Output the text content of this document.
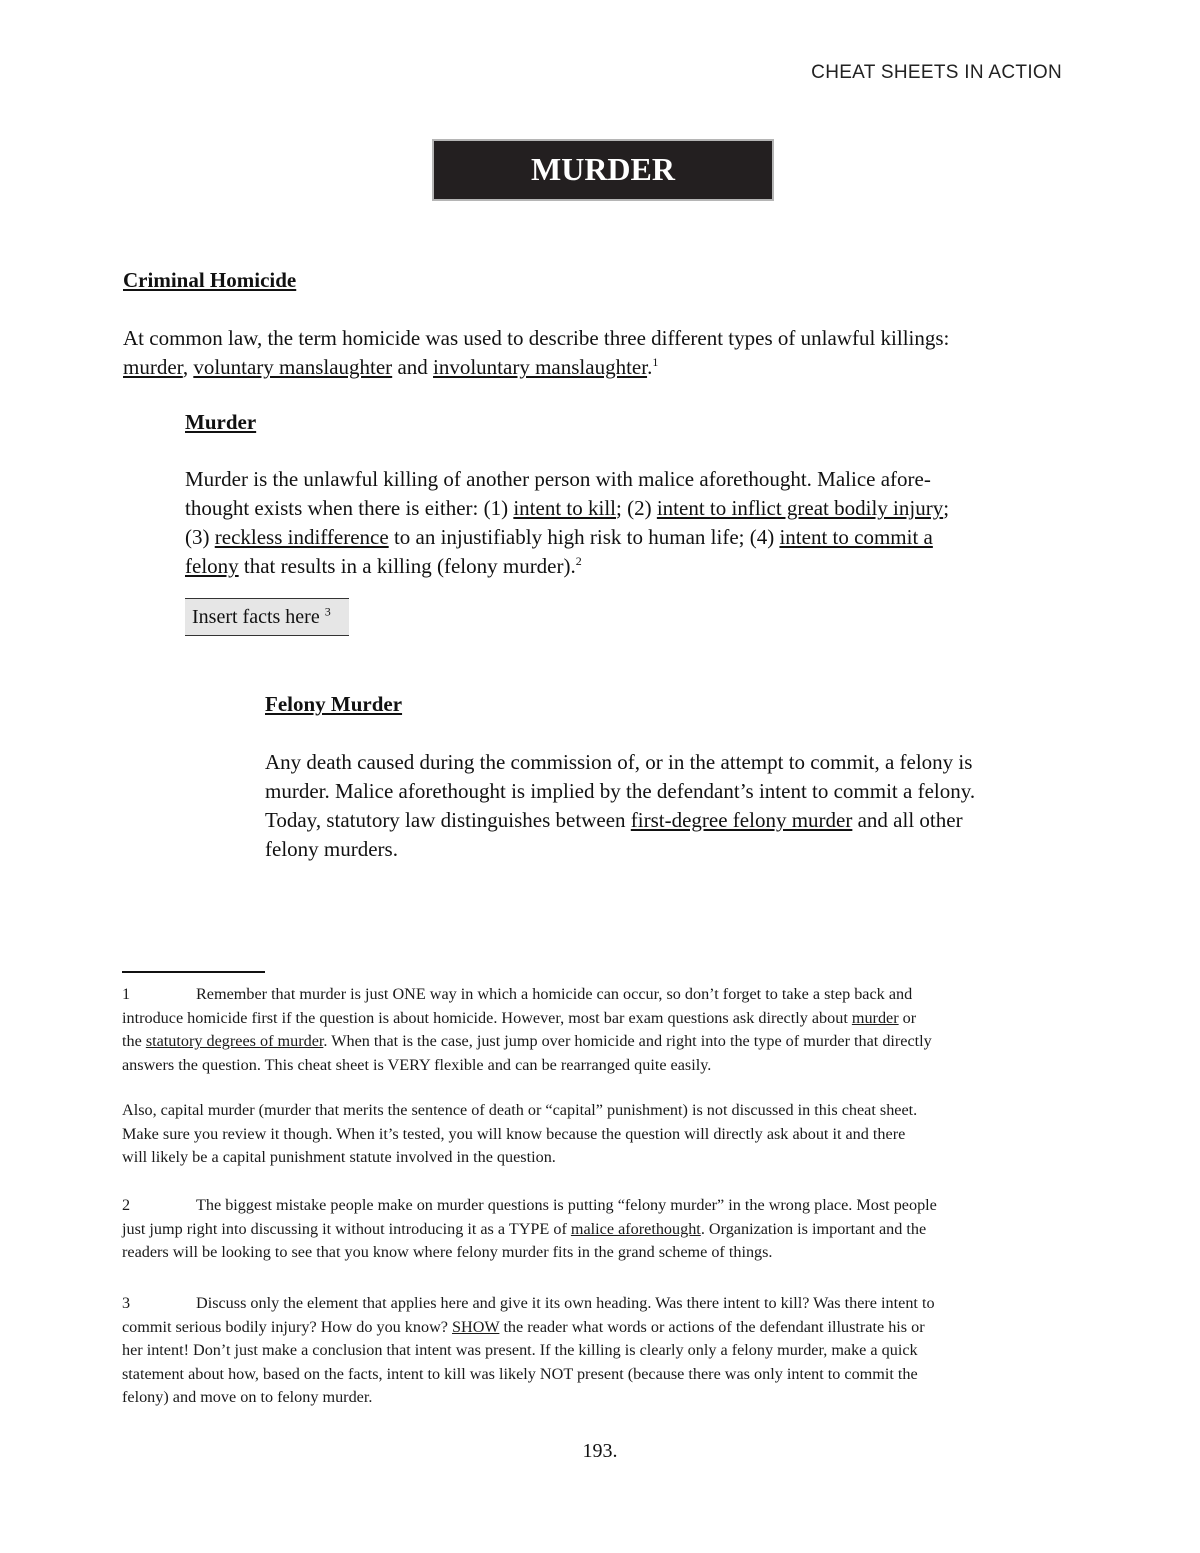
CHEAT SHEETS IN ACTION
MURDER
Criminal Homicide
At common law, the term homicide was used to describe three different types of unlawful killings:
murder, voluntary manslaughter and involuntary manslaughter.$^1$
Murder
Murder is the unlawful killing of another person with malice aforethought. Malice afore-
thought exists when there is either: (1) intent to kill; (2) intent to inflict great bodily injury;
(3) reckless indifference to an injustifiably high risk to human life; (4) intent to commit a
felony that results in a killing (felony murder).$^2$
Insert facts here $^3$
Felony Murder
Any death caused during the commission of, or in the attempt to commit, a felony is
murder. Malice aforethought is implied by the defendant’s intent to commit a felony.
Today, statutory law distinguishes between first-degree felony murder and all other
felony murders.
1	Remember that murder is just ONE way in which a homicide can occur, so don’t forget to take a step back and
introduce homicide first if the question is about homicide. However, most bar exam questions ask directly about murder or
the statutory degrees of murder. When that is the case, just jump over homicide and right into the type of murder that directly
answers the question. This cheat sheet is VERY flexible and can be rearranged quite easily.
Also, capital murder (murder that merits the sentence of death or “capital” punishment) is not discussed in this cheat sheet.
Make sure you review it though. When it’s tested, you will know because the question will directly ask about it and there
will likely be a capital punishment statute involved in the question.
2	The biggest mistake people make on murder questions is putting “felony murder” in the wrong place. Most people
just jump right into discussing it without introducing it as a TYPE of malice aforethought. Organization is important and the
readers will be looking to see that you know where felony murder fits in the grand scheme of things.
3	Discuss only the element that applies here and give it its own heading. Was there intent to kill? Was there intent to
commit serious bodily injury? How do you know? SHOW the reader what words or actions of the defendant illustrate his or
her intent! Don’t just make a conclusion that intent was present. If the killing is clearly only a felony murder, make a quick
statement about how, based on the facts, intent to kill was likely NOT present (because there was only intent to commit the
felony) and move on to felony murder.
193.
